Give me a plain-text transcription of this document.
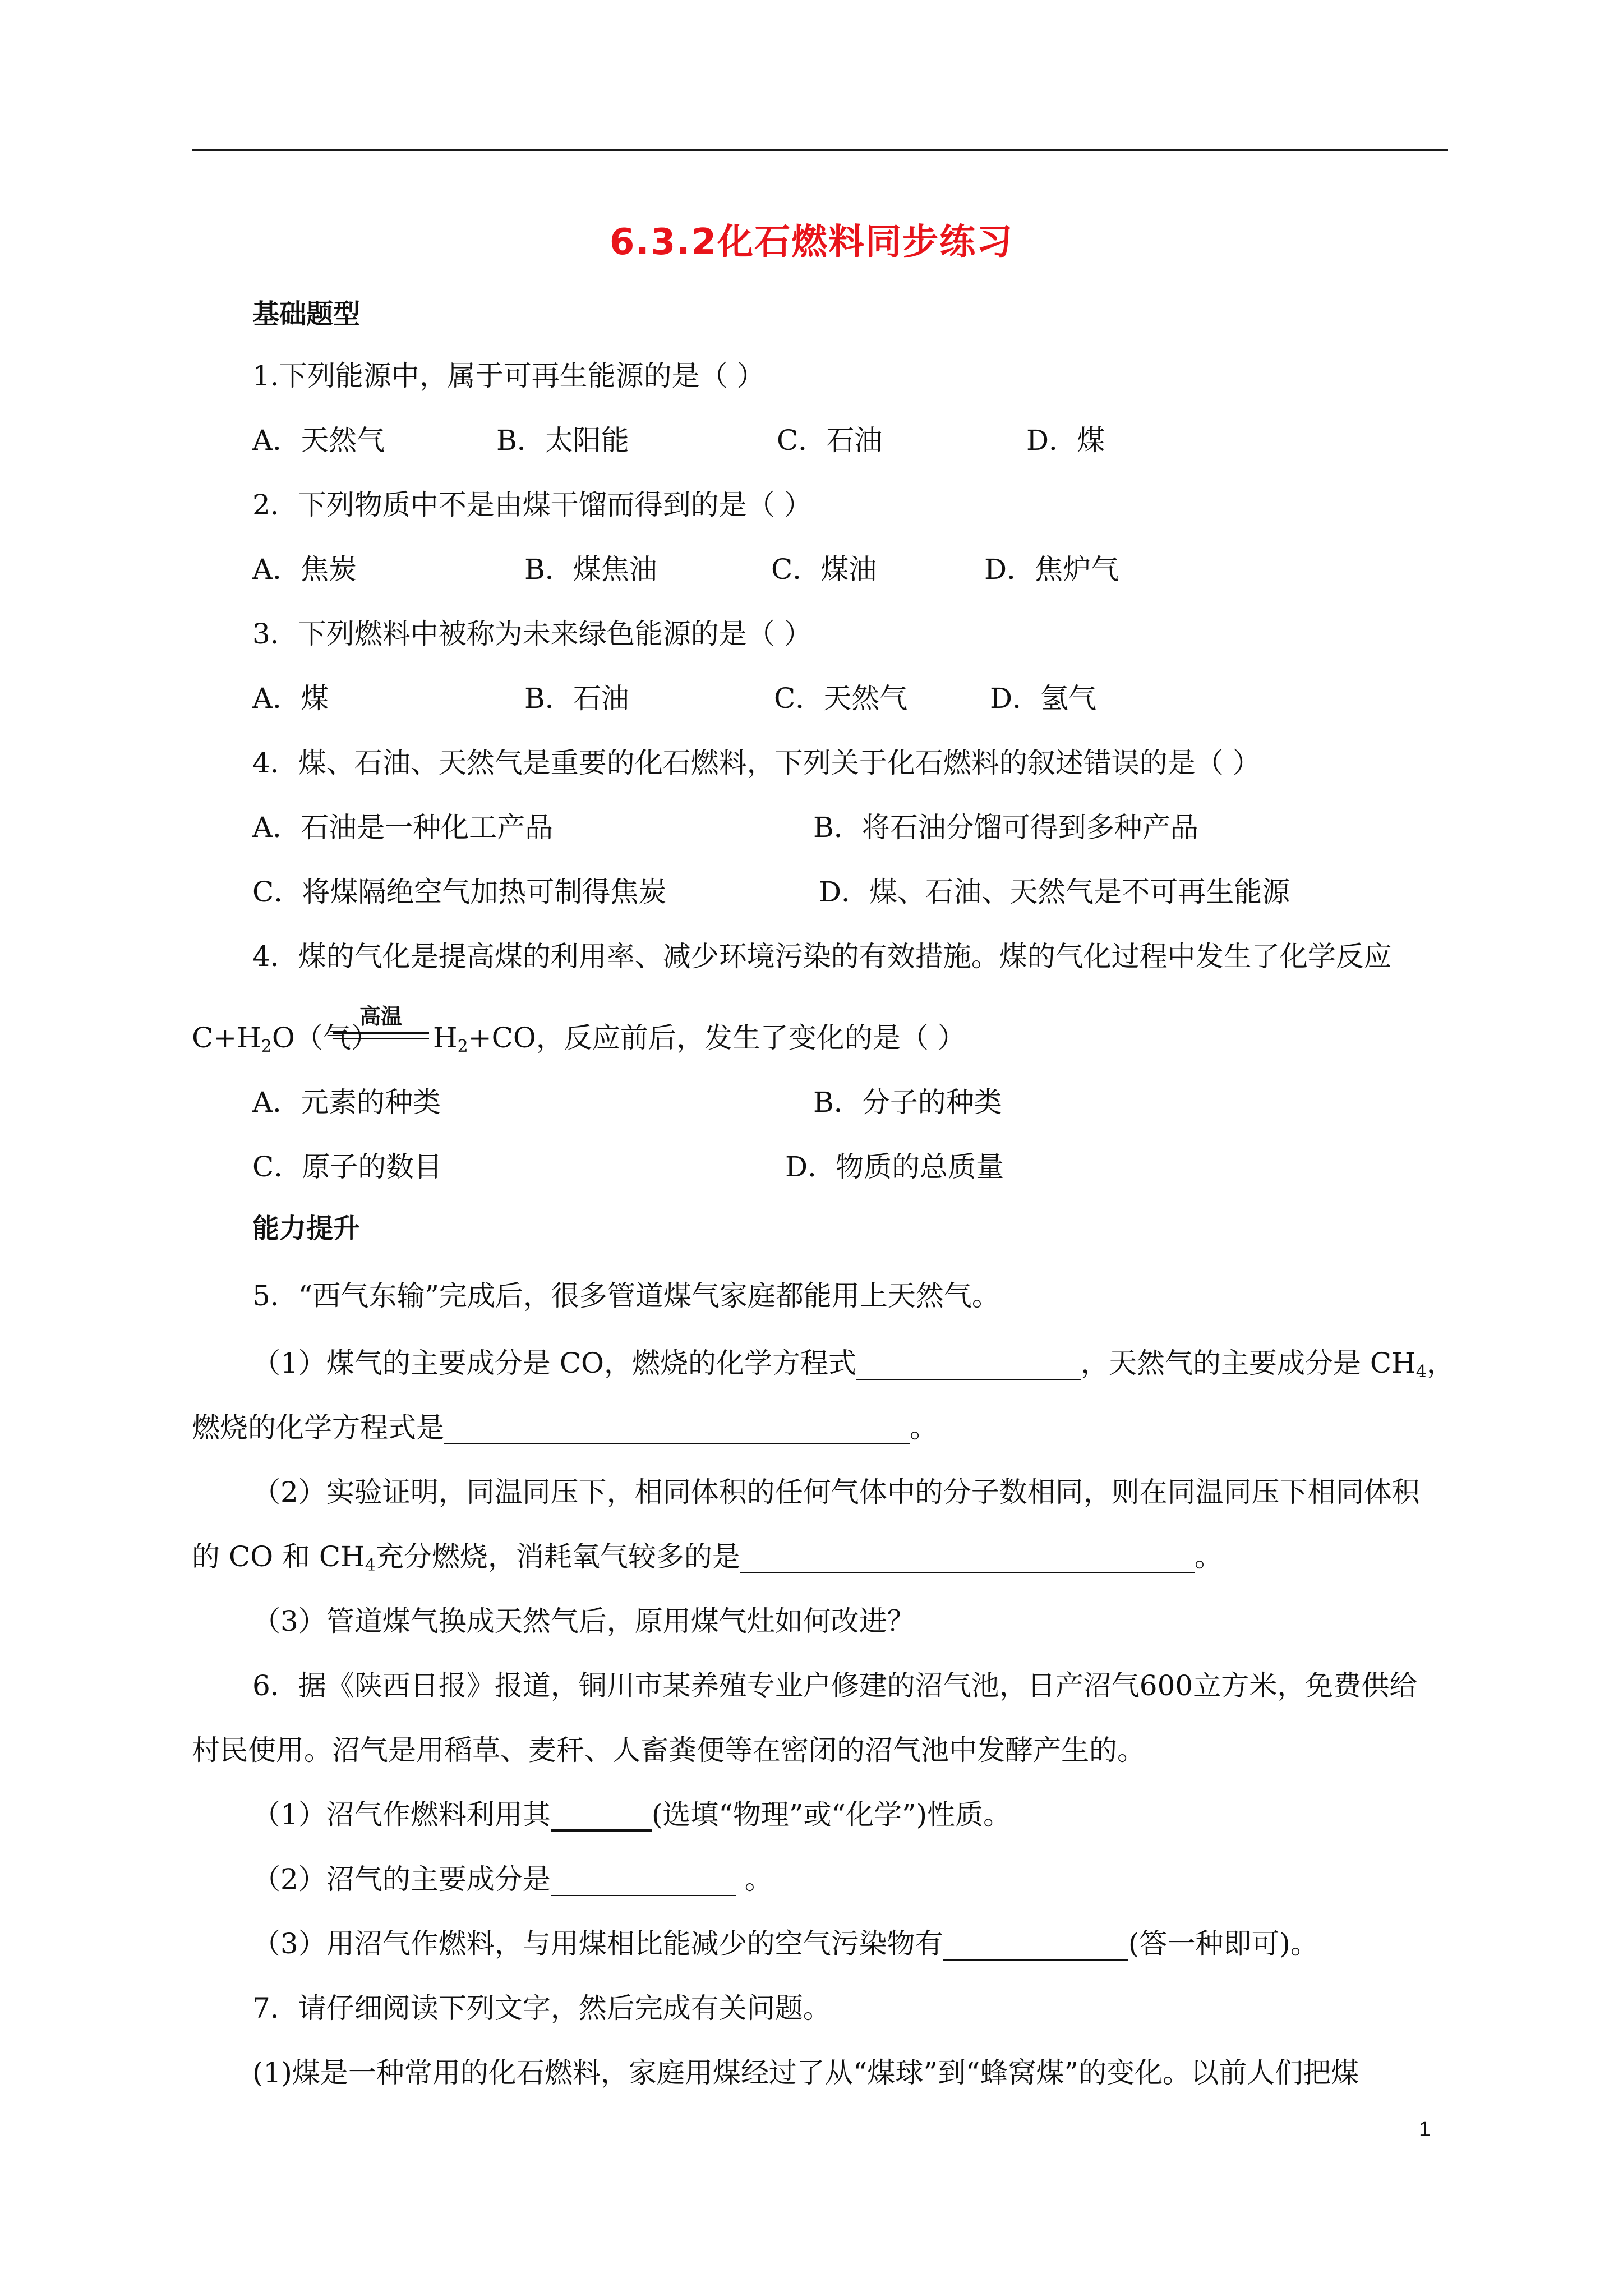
6.3.2化石燃料同步练习
基础题型
1.下列能源中，属于可再生能源的是（ ）
A．天然气	B．太阳能	C．石油	D．煤
2．下列物质中不是由煤干馏而得到的是（ ）
A．焦炭	B．煤焦油	C．煤油	D．焦炉气
3．下列燃料中被称为未来绿色能源的是（ ）
A．煤	B．石油	C．天然气	D．氢气
4．煤、石油、天然气是重要的化石燃料，下列关于化石燃料的叙述错误的是（ ）
A．石油是一种化工产品	B．将石油分馏可得到多种产品
C．将煤隔绝空气加热可制得焦炭	D．煤、石油、天然气是不可再生能源
4．煤的气化是提高煤的利用率、减少环境污染的有效措施。煤的气化过程中发生了化学反应
$C+H_2O$（气）
高温
$H_2+CO$，反应前后，发生了变化的是（ ）
A．元素的种类	B．分子的种类
C．原子的数目	D．物质的总质量
能力提升
5．“西气东输”完成后，很多管道煤气家庭都能用上天然气。
（1）煤气的主要成分是 CO，燃烧的化学方程式	，天然气的主要成分是 $CH_4$，
燃烧的化学方程式是	。
（2）实验证明，同温同压下，相同体积的任何气体中的分子数相同，则在同温同压下相同体积
的 CO 和 $CH_4$充分燃烧，消耗氧气较多的是	。
（3）管道煤气换成天然气后，原用煤气灶如何改进？
6．据《陕西日报》报道，铜川市某养殖专业户修建的沼气池，日产沼气600立方米，免费供给
村民使用。沼气是用稻草、麦秆、人畜粪便等在密闭的沼气池中发酵产生的。
（1）沼气作燃料利用其	(选填“物理”或“化学”)性质。
（2）沼气的主要成分是	。
（3）用沼气作燃料，与用煤相比能减少的空气污染物有	(答一种即可)。
7．请仔细阅读下列文字，然后完成有关问题。
(1)煤是一种常用的化石燃料，家庭用煤经过了从“煤球”到“蜂窝煤”的变化。以前人们把煤
1
